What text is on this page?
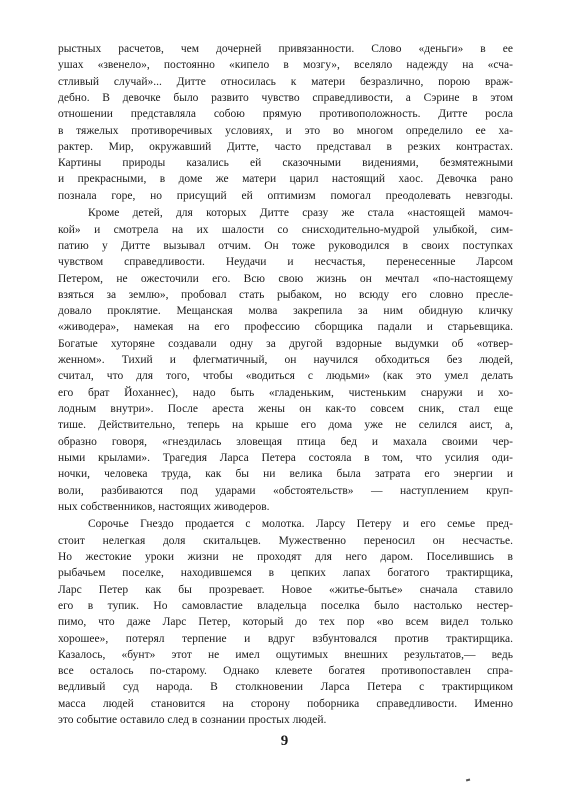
рыстных расчетов, чем дочерней привязанности. Слово «деньги» в ее
ушах «звенело», постоянно «кипело в мозгу», вселяло надежду на «сча-
стливый случай»... Дитте относилась к матери безразлично, порою враж-
дебно. В девочке было развито чувство справедливости, а Сэрине в этом
отношении представляла собою прямую противоположность. Дитте росла
в тяжелых противоречивых условиях, и это во многом определило ее ха-
рактер. Мир, окружавший Дитте, часто представал в резких контрастах.
Картины природы казались ей сказочными видениями, безмятежными
и прекрасными, в доме же матери царил настоящий хаос. Девочка рано
познала горе, но присущий ей оптимизм помогал преодолевать невзгоды.
Кроме детей, для которых Дитте сразу же стала «настоящей мамоч-
кой» и смотрела на их шалости со снисходительно-мудрой улыбкой, сим-
патию у Дитте вызывал отчим. Он тоже руководился в своих поступках
чувством справедливости. Неудачи и несчастья, перенесенные Ларсом
Петером, не ожесточили его. Всю свою жизнь он мечтал «по-настоящему
взяться за землю», пробовал стать рыбаком, но всюду его словно пресле-
довало проклятие. Мещанская молва закрепила за ним обидную кличку
«живодера», намекая на его профессию сборщика падали и старьевщика.
Богатые хуторяне создавали одну за другой вздорные выдумки об «отвер-
женном». Тихий и флегматичный, он научился обходиться без людей,
считал, что для того, чтобы «водиться с людьми» (как это умел делать
его брат Йоханнес), надо быть «гладеньким, чистеньким снаружи и хо-
лодным внутри». После ареста жены он как-то совсем сник, стал еще
тише. Действительно, теперь на крыше его дома уже не селился аист, а,
образно говоря, «гнездилась зловещая птица бед и махала своими чер-
ными крылами». Трагедия Ларса Петера состояла в том, что усилия оди-
ночки, человека труда, как бы ни велика была затрата его энергии и
воли, разбиваются под ударами «обстоятельств» — наступлением круп-
ных собственников, настоящих живодеров.
Сорочье Гнездо продается с молотка. Ларсу Петеру и его семье пред-
стоит нелегкая доля скитальцев. Мужественно переносил он несчастье.
Но жестокие уроки жизни не проходят для него даром. Поселившись в
рыбачьем поселке, находившемся в цепких лапах богатого трактирщика,
Ларс Петер как бы прозревает. Новое «житье-бытье» сначала ставило
его в тупик. Но самовластие владельца поселка было настолько нестер-
пимо, что даже Ларс Петер, который до тех пор «во всем видел только
хорошее», потерял терпение и вдруг взбунтовался против трактирщика.
Казалось, «бунт» этот не имел ощутимых внешних результатов,— ведь
все осталось по-старому. Однако клевете богатея противопоставлен спра-
ведливый суд народа. В столкновении Ларса Петера с трактирщиком
масса людей становится на сторону поборника справедливости. Именно
это событие оставило след в сознании простых людей.
9
